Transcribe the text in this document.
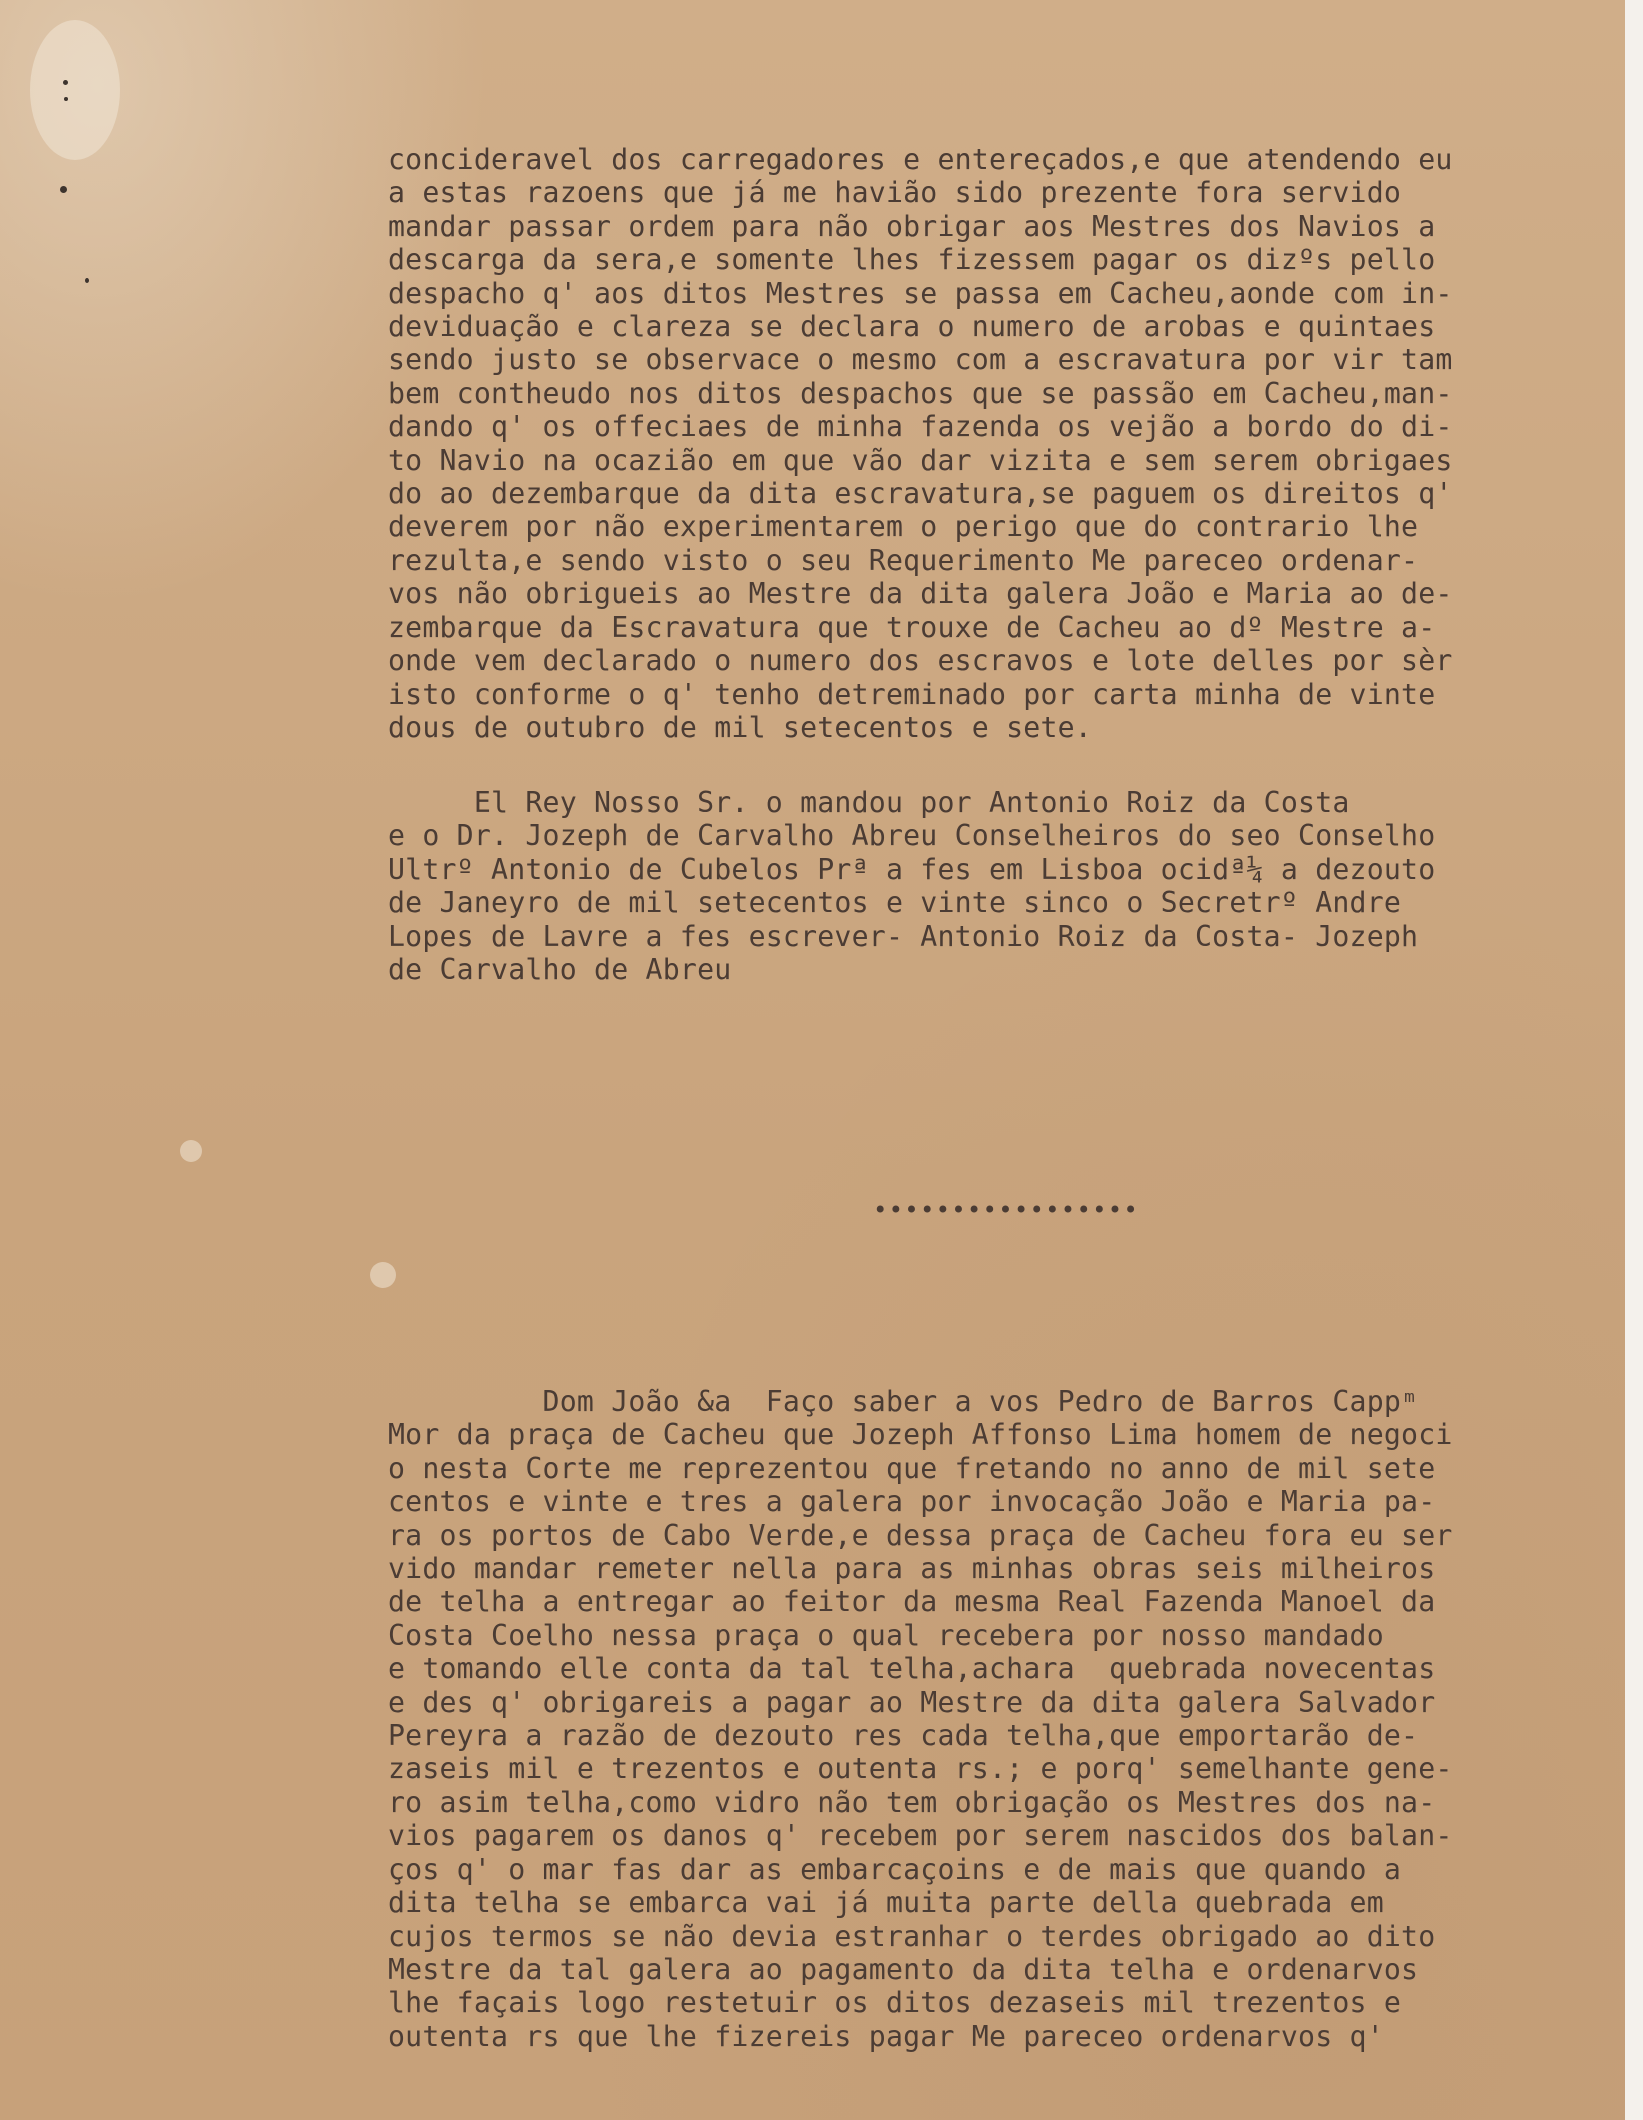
concideravel dos carregadores e entereçados,e que atendendo eu
a estas razoens que já me havião sido prezente fora servido
mandar passar ordem para não obrigar aos Mestres dos Navios a
descarga da sera,e somente lhes fizessem pagar os dizºs pello
despacho q' aos ditos Mestres se passa em Cacheu,aonde com in-
deviduação e clareza se declara o numero de arobas e quintaes
sendo justo se observace o mesmo com a escravatura por vir tam
bem contheudo nos ditos despachos que se passão em Cacheu,man-
dando q' os offeciaes de minha fazenda os vejão a bordo do di-
to Navio na ocazião em que vão dar vizita e sem serem obrigaes
do ao dezembarque da dita escravatura,se paguem os direitos q'
deverem por não experimentarem o perigo que do contrario lhe
rezulta,e sendo visto o seu Requerimento Me pareceo ordenar-
vos não obrigueis ao Mestre da dita galera João e Maria ao de-
zembarque da Escravatura que trouxe de Cacheu ao dº Mestre a-
onde vem declarado o numero dos escravos e lote delles por sèr
isto conforme o q' tenho detreminado por carta minha de vinte
dous de outubro de mil setecentos e sete.
El Rey Nosso Sr. o mandou por Antonio Roiz da Costa
e o Dr. Jozeph de Carvalho Abreu Conselheiros do seo Conselho
Ultrº Antonio de Cubelos Prª a fes em Lisboa ocidª¼ a dezouto
de Janeyro de mil setecentos e vinte sinco o Secretrº Andre
Lopes de Lavre a fes escrever- Antonio Roiz da Costa- Jozeph
de Carvalho de Abreu
•••••••••••••••••
Dom João &a  Faço saber a vos Pedro de Barros Cappᵐ
Mor da praça de Cacheu que Jozeph Affonso Lima homem de negoci
o nesta Corte me reprezentou que fretando no anno de mil sete
centos e vinte e tres a galera por invocação João e Maria pa-
ra os portos de Cabo Verde,e dessa praça de Cacheu fora eu ser
vido mandar remeter nella para as minhas obras seis milheiros
de telha a entregar ao feitor da mesma Real Fazenda Manoel da
Costa Coelho nessa praça o qual recebera por nosso mandado
e tomando elle conta da tal telha,achara  quebrada novecentas
e des q' obrigareis a pagar ao Mestre da dita galera Salvador
Pereyra a razão de dezouto res cada telha,que emportarão de-
zaseis mil e trezentos e outenta rs.; e porq' semelhante gene-
ro asim telha,como vidro não tem obrigação os Mestres dos na-
vios pagarem os danos q' recebem por serem nascidos dos balan-
ços q' o mar fas dar as embarcaçoins e de mais que quando a
dita telha se embarca vai já muita parte della quebrada em
cujos termos se não devia estranhar o terdes obrigado ao dito
Mestre da tal galera ao pagamento da dita telha e ordenarvos
lhe façais logo restetuir os ditos dezaseis mil trezentos e
outenta rs que lhe fizereis pagar Me pareceo ordenarvos q'
